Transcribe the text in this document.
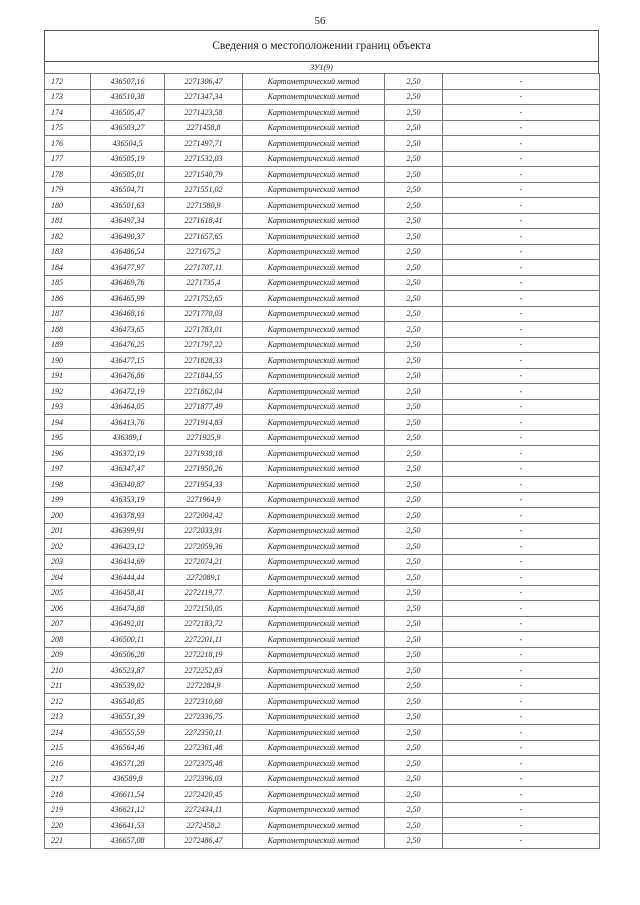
56
Сведения о местоположении границ объекта
ЗУ1(9)
172	436507,16	2271306,47	Картометрический метод	2,50	-
173	436510,38	2271347,34	Картометрический метод	2,50	-
174	436505,47	2271423,58	Картометрический метод	2,50	-
175	436503,27	2271458,8	Картометрический метод	2,50	-
176	436504,5	2271497,71	Картометрический метод	2,50	-
177	436505,19	2271532,03	Картометрический метод	2,50	-
178	436505,01	2271540,79	Картометрический метод	2,50	-
179	436504,71	2271551,02	Картометрический метод	2,50	-
180	436501,63	2271580,9	Картометрический метод	2,50	-
181	436497,34	2271618,41	Картометрический метод	2,50	-
182	436490,37	2271657,65	Картометрический метод	2,50	-
183	436486,54	2271675,2	Картометрический метод	2,50	-
184	436477,97	2271707,11	Картометрический метод	2,50	-
185	436469,76	2271735,4	Картометрический метод	2,50	-
186	436465,99	2271752,65	Картометрический метод	2,50	-
187	436468,16	2271770,03	Картометрический метод	2,50	-
188	436473,65	2271783,01	Картометрический метод	2,50	-
189	436476,25	2271797,22	Картометрический метод	2,50	-
190	436477,15	2271828,33	Картометрический метод	2,50	-
191	436476,86	2271844,55	Картометрический метод	2,50	-
192	436472,19	2271862,04	Картометрический метод	2,50	-
193	436464,05	2271877,49	Картометрический метод	2,50	-
194	436413,76	2271914,83	Картометрический метод	2,50	-
195	436389,1	2271925,9	Картометрический метод	2,50	-
196	436372,19	2271938,18	Картометрический метод	2,50	-
197	436347,47	2271950,26	Картометрический метод	2,50	-
198	436340,87	2271954,33	Картометрический метод	2,50	-
199	436353,19	2271964,9	Картометрический метод	2,50	-
200	436378,93	2272004,42	Картометрический метод	2,50	-
201	436399,91	2272033,91	Картометрический метод	2,50	-
202	436423,12	2272059,36	Картометрический метод	2,50	-
203	436434,69	2272074,21	Картометрический метод	2,50	-
204	436444,44	2272089,1	Картометрический метод	2,50	-
205	436458,41	2272119,77	Картометрический метод	2,50	-
206	436474,88	2272150,05	Картометрический метод	2,50	-
207	436492,01	2272183,72	Картометрический метод	2,50	-
208	436500,11	2272201,11	Картометрический метод	2,50	-
209	436506,28	2272218,19	Картометрический метод	2,50	-
210	436523,87	2272252,83	Картометрический метод	2,50	-
211	436539,02	2272284,9	Картометрический метод	2,50	-
212	436540,85	2272310,68	Картометрический метод	2,50	-
213	436551,39	2272336,75	Картометрический метод	2,50	-
214	436555,59	2272350,11	Картометрический метод	2,50	-
215	436564,46	2272361,48	Картометрический метод	2,50	-
216	436571,28	2272375,48	Картометрический метод	2,50	-
217	436589,8	2272396,03	Картометрический метод	2,50	-
218	436611,54	2272420,45	Картометрический метод	2,50	-
219	436621,12	2272434,11	Картометрический метод	2,50	-
220	436641,53	2272458,2	Картометрический метод	2,50	-
221	436657,08	2272486,47	Картометрический метод	2,50	-
